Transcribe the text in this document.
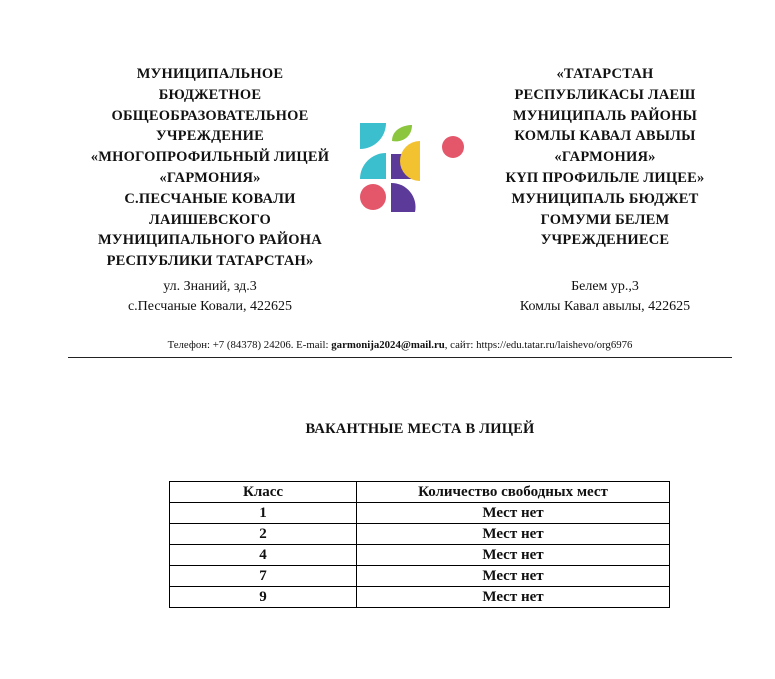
МУНИЦИПАЛЬНОЕ
БЮДЖЕТНОЕ
ОБЩЕОБРАЗОВАТЕЛЬНОЕ
УЧРЕЖДЕНИЕ
«МНОГОПРОФИЛЬНЫЙ ЛИЦЕЙ
«ГАРМОНИЯ»
С.ПЕСЧАНЫЕ КОВАЛИ
ЛАИШЕВСКОГО
МУНИЦИПАЛЬНОГО РАЙОНА
РЕСПУБЛИКИ ТАТАРСТАН»
ул. Знаний, зд.3
с.Песчаные Ковали, 422625
«ТАТАРСТАН
РЕСПУБЛИКАСЫ ЛАЕШ
МУНИЦИПАЛЬ РАЙОНЫ
КОМЛЫ КАВАЛ АВЫЛЫ
«ГАРМОНИЯ»
КҮП ПРОФИЛЬЛЕ ЛИЦЕЕ»
МУНИЦИПАЛЬ БЮДЖЕТ
ГОМУМИ БЕЛЕМ
УЧРЕЖДЕНИЕСЕ
Белем ур.,3
Комлы Кавал авылы, 422625
Телефон: +7 (84378) 24206. E-mail: garmonija2024@mail.ru, сайт: https://edu.tatar.ru/laishevo/org6976
ВАКАНТНЫЕ МЕСТА В ЛИЦЕЙ
Класс	Количество свободных мест
1	Мест нет
2	Мест нет
4	Мест нет
7	Мест нет
9	Мест нет
